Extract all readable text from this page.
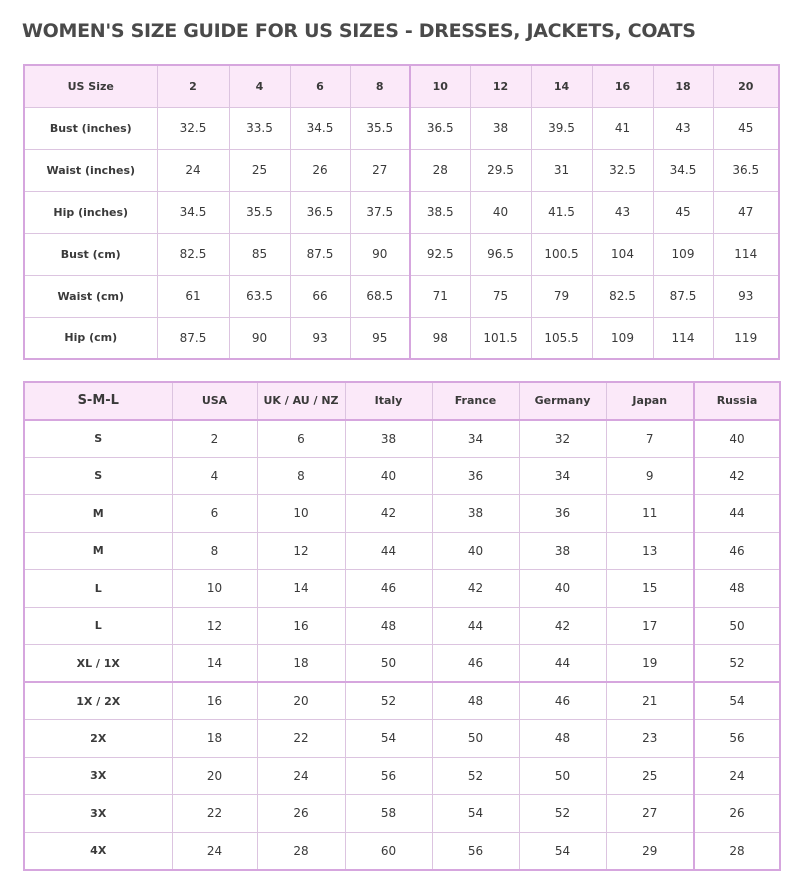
WOMEN'S SIZE GUIDE FOR US SIZES - DRESSES, JACKETS, COATS
US Size	2	4	6	8	10	12	14	16	18	20
Bust (inches)	32.5	33.5	34.5	35.5	36.5	38	39.5	41	43	45
Waist (inches)	24	25	26	27	28	29.5	31	32.5	34.5	36.5
Hip (inches)	34.5	35.5	36.5	37.5	38.5	40	41.5	43	45	47
Bust (cm)	82.5	85	87.5	90	92.5	96.5	100.5	104	109	114
Waist (cm)	61	63.5	66	68.5	71	75	79	82.5	87.5	93
Hip (cm)	87.5	90	93	95	98	101.5	105.5	109	114	119
S-M-L	USA	UK / AU / NZ	Italy	France	Germany	Japan	Russia
S	2	6	38	34	32	7	40
S	4	8	40	36	34	9	42
M	6	10	42	38	36	11	44
M	8	12	44	40	38	13	46
L	10	14	46	42	40	15	48
L	12	16	48	44	42	17	50
XL / 1X	14	18	50	46	44	19	52
1X / 2X	16	20	52	48	46	21	54
2X	18	22	54	50	48	23	56
3X	20	24	56	52	50	25	24
3X	22	26	58	54	52	27	26
4X	24	28	60	56	54	29	28
